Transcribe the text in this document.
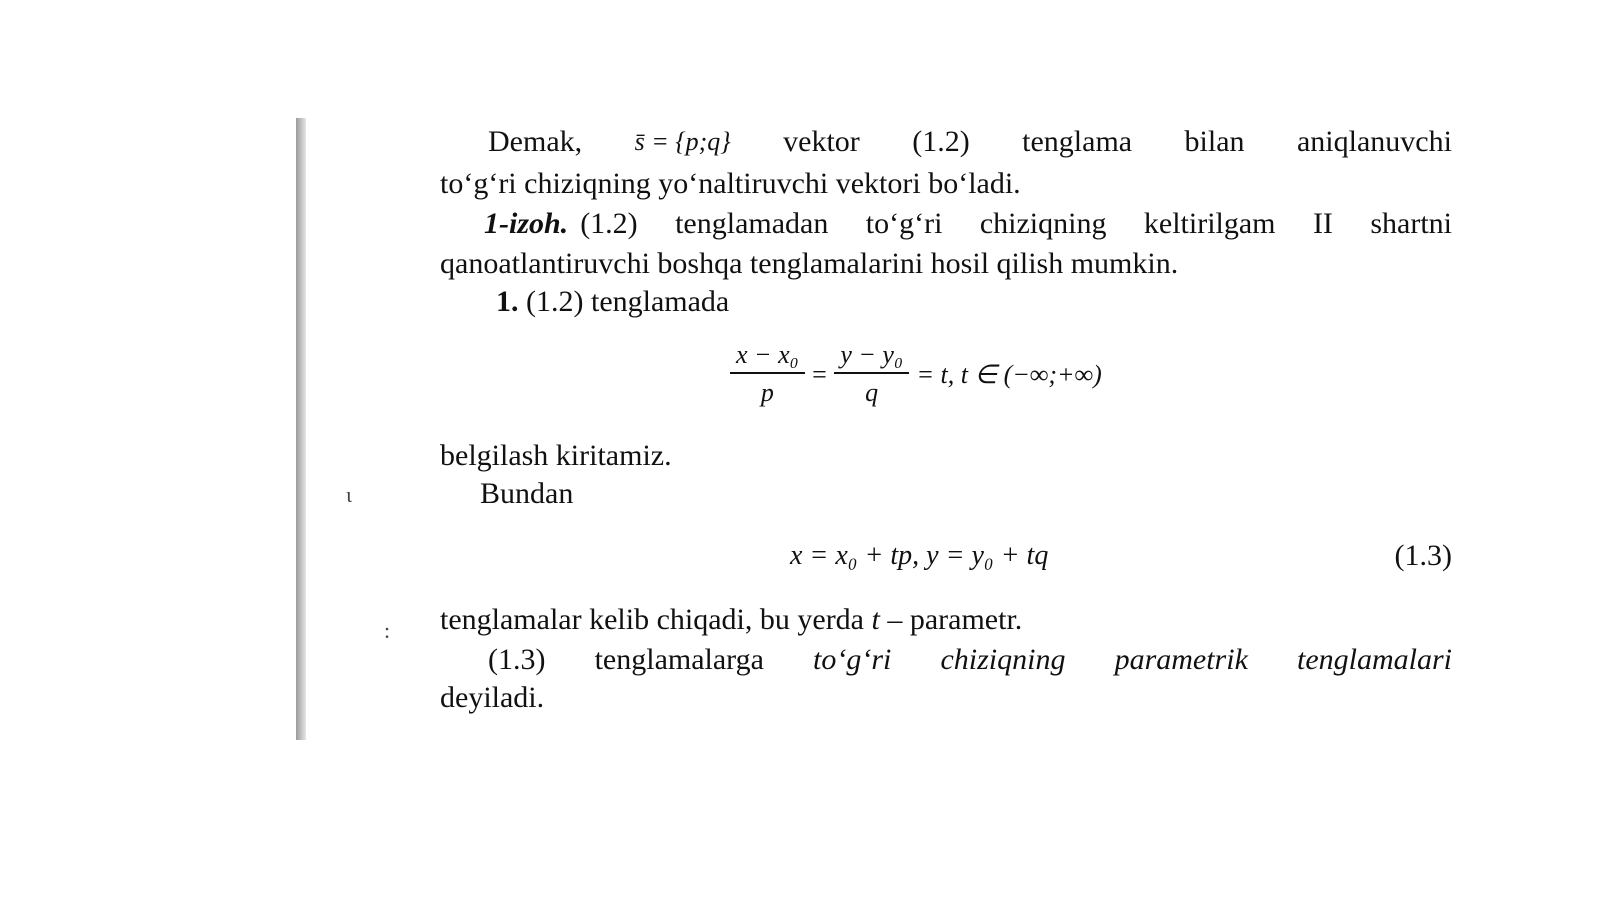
ι
:
Demak, s̄ = {p;q} vektor (1.2) tenglama bilan aniqlanuvchi
to‘g‘ri chiziqning yo‘naltiruvchi vektori bo‘ladi.
1-izoh. (1.2) tenglamadan to‘g‘ri chiziqning keltirilgam II shartni
qanoatlantiruvchi boshqa tenglamalarini hosil qilish mumkin.
1. (1.2) tenglamada
$\frac{\text{x − x₀}}{p} = \frac{\text{y − y₀}}{q} = t$, t ∈ (−∞;+∞)
belgilash kiritamiz.
Bundan
x = x₀ + tp, y = y₀ + tq	(1.3)
tenglamalar kelib chiqadi, bu yerda t – parametr.
(1.3) tenglamalarga to‘g‘ri chiziqning parametrik tenglamalari
deyiladi.
